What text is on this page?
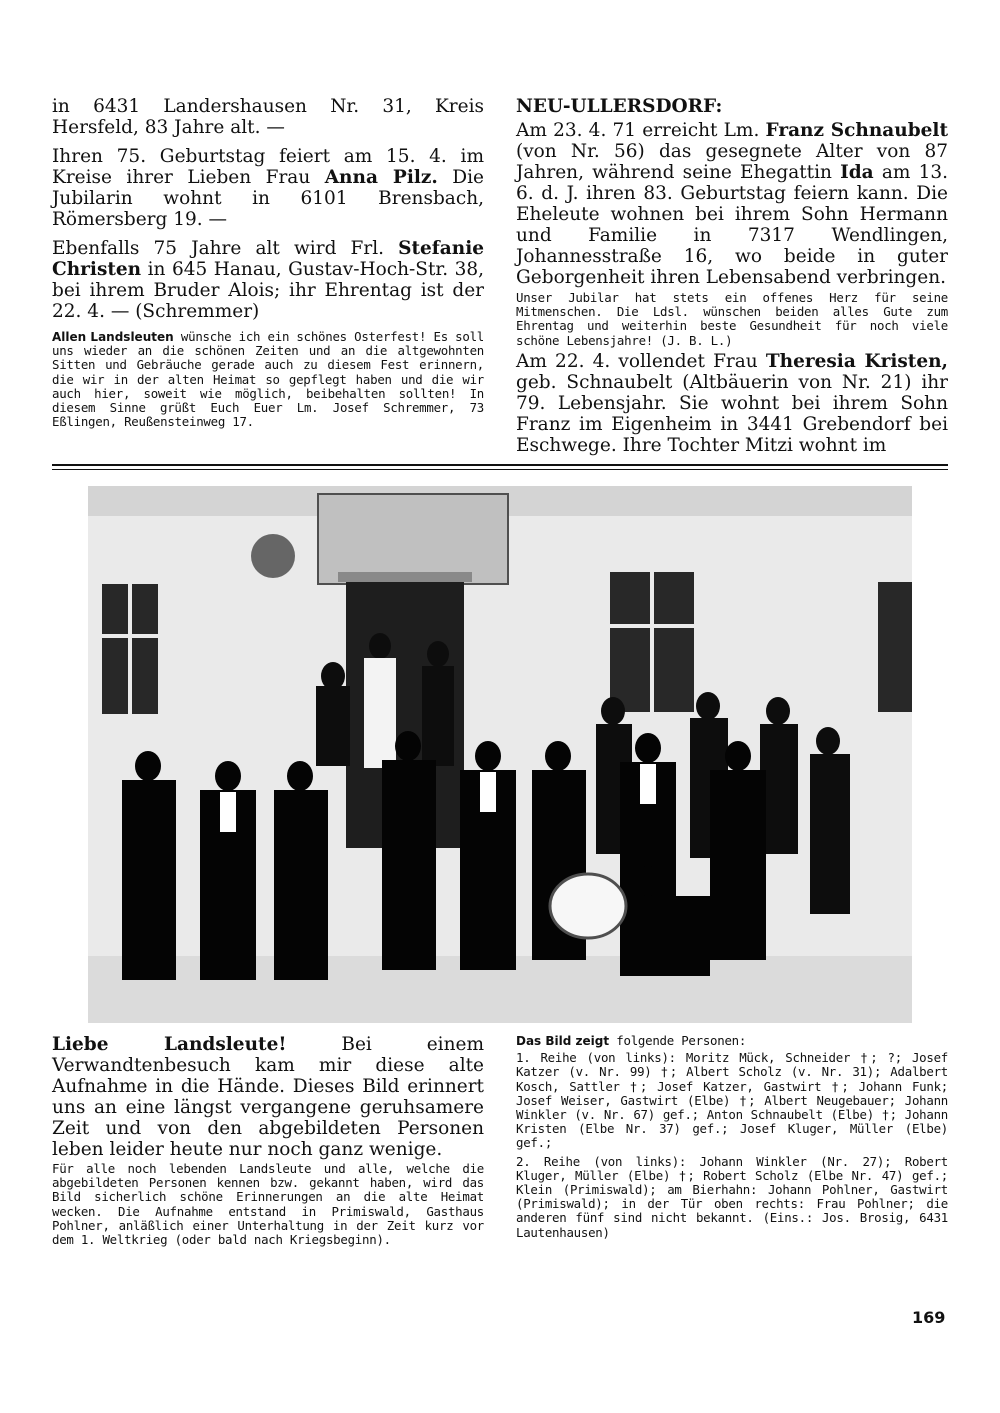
in 6431 Landershausen Nr. 31, Kreis Hersfeld, 83 Jahre alt. —

Ihren 75. Geburtstag feiert am 15. 4. im Kreise ihrer Lieben Frau Anna Pilz. Die Jubilarin wohnt in 6101 Brensbach, Römersberg 19. —

Ebenfalls 75 Jahre alt wird Frl. Stefanie Christen in 645 Hanau, Gustav-Hoch-Str. 38, bei ihrem Bruder Alois; ihr Ehrentag ist der 22. 4. — (Schremmer)

Allen Landsleuten wünsche ich ein schönes Osterfest! Es soll uns wieder an die schönen Zeiten und an die altgewohnten Sitten und Gebräuche gerade auch zu diesem Fest erinnern, die wir in der alten Heimat so gepflegt haben und die wir auch hier, soweit wie möglich, beibehalten sollten! In diesem Sinne grüßt Euch Euer Lm. Josef Schremmer, 73 Eßlingen, Reußensteinweg 17.

NEU-ULLERSDORF:

Am 23. 4. 71 erreicht Lm. Franz Schnaubelt (von Nr. 56) das gesegnete Alter von 87 Jahren, während seine Ehegattin Ida am 13. 6. d. J. ihren 83. Geburtstag feiern kann. Die Eheleute wohnen bei ihrem Sohn Hermann und Familie in 7317 Wendlingen, Johannesstraße 16, wo beide in guter Geborgenheit ihren Lebensabend verbringen.

Unser Jubilar hat stets ein offenes Herz für seine Mitmenschen. Die Ldsl. wünschen beiden alles Gute zum Ehrentag und weiterhin beste Gesundheit für noch viele schöne Lebensjahre! (J. B. L.)

Am 22. 4. vollendet Frau Theresia Kristen, geb. Schnaubelt (Altbäuerin von Nr. 21) ihr 79. Lebensjahr. Sie wohnt bei ihrem Sohn Franz im Eigenheim in 3441 Grebendorf bei Eschwege. Ihre Tochter Mitzi wohnt im

Liebe Landsleute! Bei einem Verwandtenbesuch kam mir diese alte Aufnahme in die Hände. Dieses Bild erinnert uns an eine längst vergangene geruhsamere Zeit und von den abgebildeten Personen leben leider heute nur noch ganz wenige.

Für alle noch lebenden Landsleute und alle, welche die abgebildeten Personen kennen bzw. gekannt haben, wird das Bild sicherlich schöne Erinnerungen an die alte Heimat wecken. Die Aufnahme entstand in Primiswald, Gasthaus Pohlner, anläßlich einer Unterhaltung in der Zeit kurz vor dem 1. Weltkrieg (oder bald nach Kriegsbeginn).

Das Bild zeigt folgende Personen:

1. Reihe (von links): Moritz Mück, Schneider †; ?; Josef Katzer (v. Nr. 99) †; Albert Scholz (v. Nr. 31); Adalbert Kosch, Sattler †; Josef Katzer, Gastwirt †; Johann Funk; Josef Weiser, Gastwirt (Elbe) †; Albert Neugebauer; Johann Winkler (v. Nr. 67) gef.; Anton Schnaubelt (Elbe) †; Johann Kristen (Elbe Nr. 37) gef.; Josef Kluger, Müller (Elbe) gef.;

2. Reihe (von links): Johann Winkler (Nr. 27); Robert Kluger, Müller (Elbe) †; Robert Scholz (Elbe Nr. 47) gef.; Klein (Primiswald); am Bierhahn: Johann Pohlner, Gastwirt (Primiswald); in der Tür oben rechts: Frau Pohlner; die anderen fünf sind nicht bekannt. (Eins.: Jos. Brosig, 6431 Lautenhausen)

169
